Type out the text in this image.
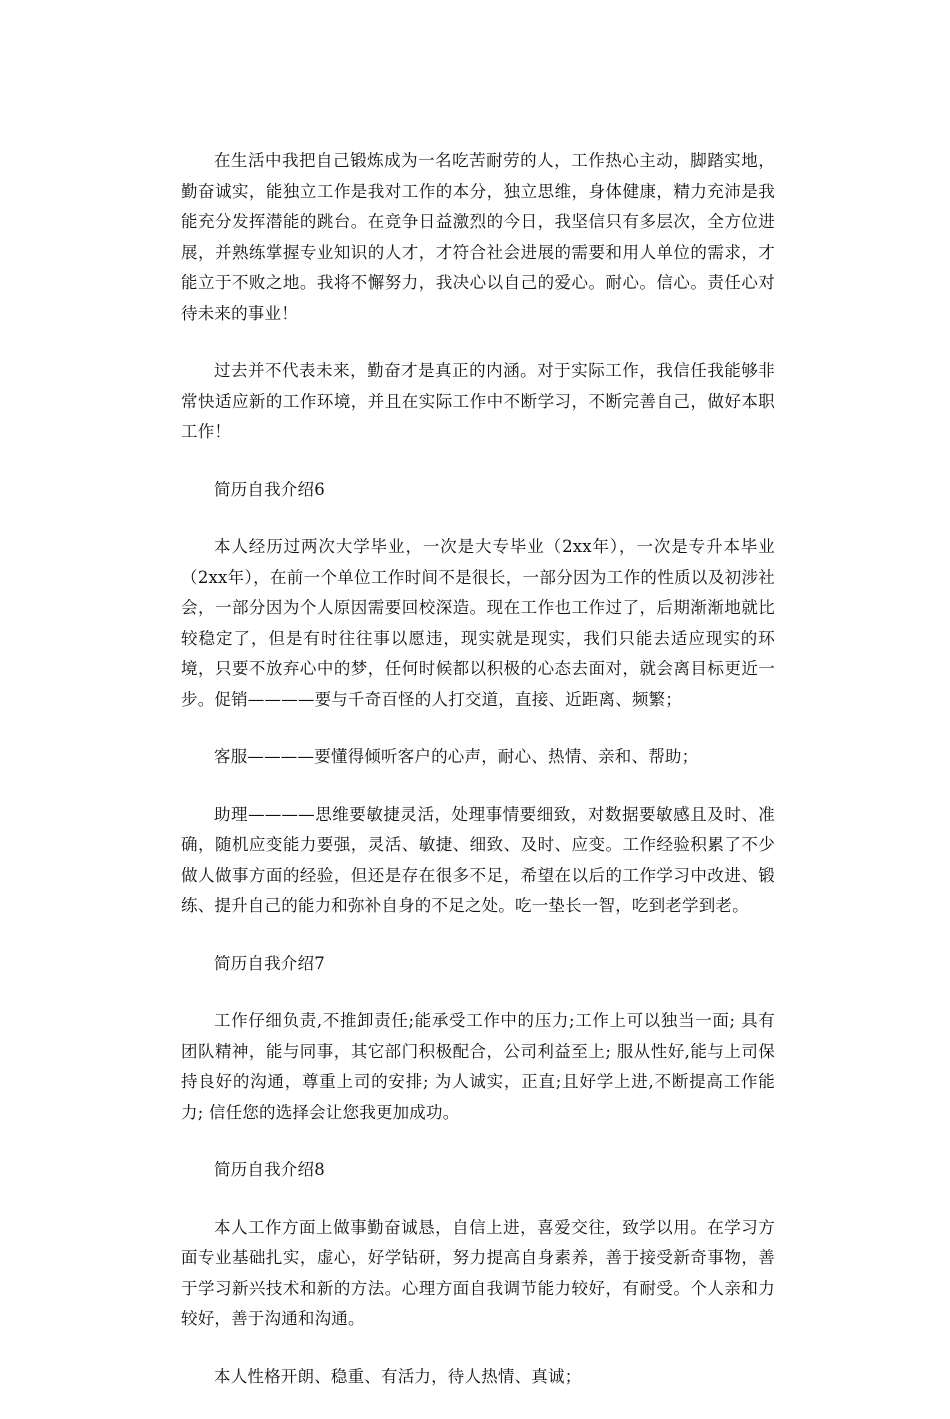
在生活中我把自己锻炼成为一名吃苦耐劳的人，工作热心主动，脚踏实地，勤奋诚实，能独立工作是我对工作的本分，独立思维，身体健康，精力充沛是我能充分发挥潜能的跳台。在竞争日益激烈的今日，我坚信只有多层次，全方位进展，并熟练掌握专业知识的人才，才符合社会进展的需要和用人单位的需求，才能立于不败之地。我将不懈努力，我决心以自己的爱心。耐心。信心。责任心对待未来的事业！

过去并不代表未来，勤奋才是真正的内涵。对于实际工作，我信任我能够非常快适应新的工作环境，并且在实际工作中不断学习，不断完善自己，做好本职工作！

简历自我介绍6

本人经历过两次大学毕业，一次是大专毕业（2xx年），一次是专升本毕业（2xx年），在前一个单位工作时间不是很长，一部分因为工作的性质以及初涉社会，一部分因为个人原因需要回校深造。现在工作也工作过了，后期渐渐地就比较稳定了，但是有时往往事以愿违，现实就是现实，我们只能去适应现实的环境，只要不放弃心中的梦，任何时候都以积极的心态去面对，就会离目标更近一步。促销————要与千奇百怪的人打交道，直接、近距离、频繁；

客服————要懂得倾听客户的心声，耐心、热情、亲和、帮助；

助理————思维要敏捷灵活，处理事情要细致，对数据要敏感且及时、准确，随机应变能力要强，灵活、敏捷、细致、及时、应变。工作经验积累了不少做人做事方面的经验，但还是存在很多不足，希望在以后的工作学习中改进、锻练、提升自己的能力和弥补自身的不足之处。吃一垫长一智，吃到老学到老。

简历自我介绍7

工作仔细负责,不推卸责任;能承受工作中的压力;工作上可以独当一面; 具有团队精神，能与同事，其它部门积极配合，公司利益至上; 服从性好,能与上司保持良好的沟通，尊重上司的安排; 为人诚实，正直;且好学上进,不断提高工作能力; 信任您的选择会让您我更加成功。

简历自我介绍8

本人工作方面上做事勤奋诚恳，自信上进，喜爱交往，致学以用。在学习方面专业基础扎实，虚心，好学钻研，努力提高自身素养，善于接受新奇事物，善于学习新兴技术和新的方法。心理方面自我调节能力较好，有耐受。个人亲和力较好，善于沟通和沟通。

本人性格开朗、稳重、有活力，待人热情、真诚；
